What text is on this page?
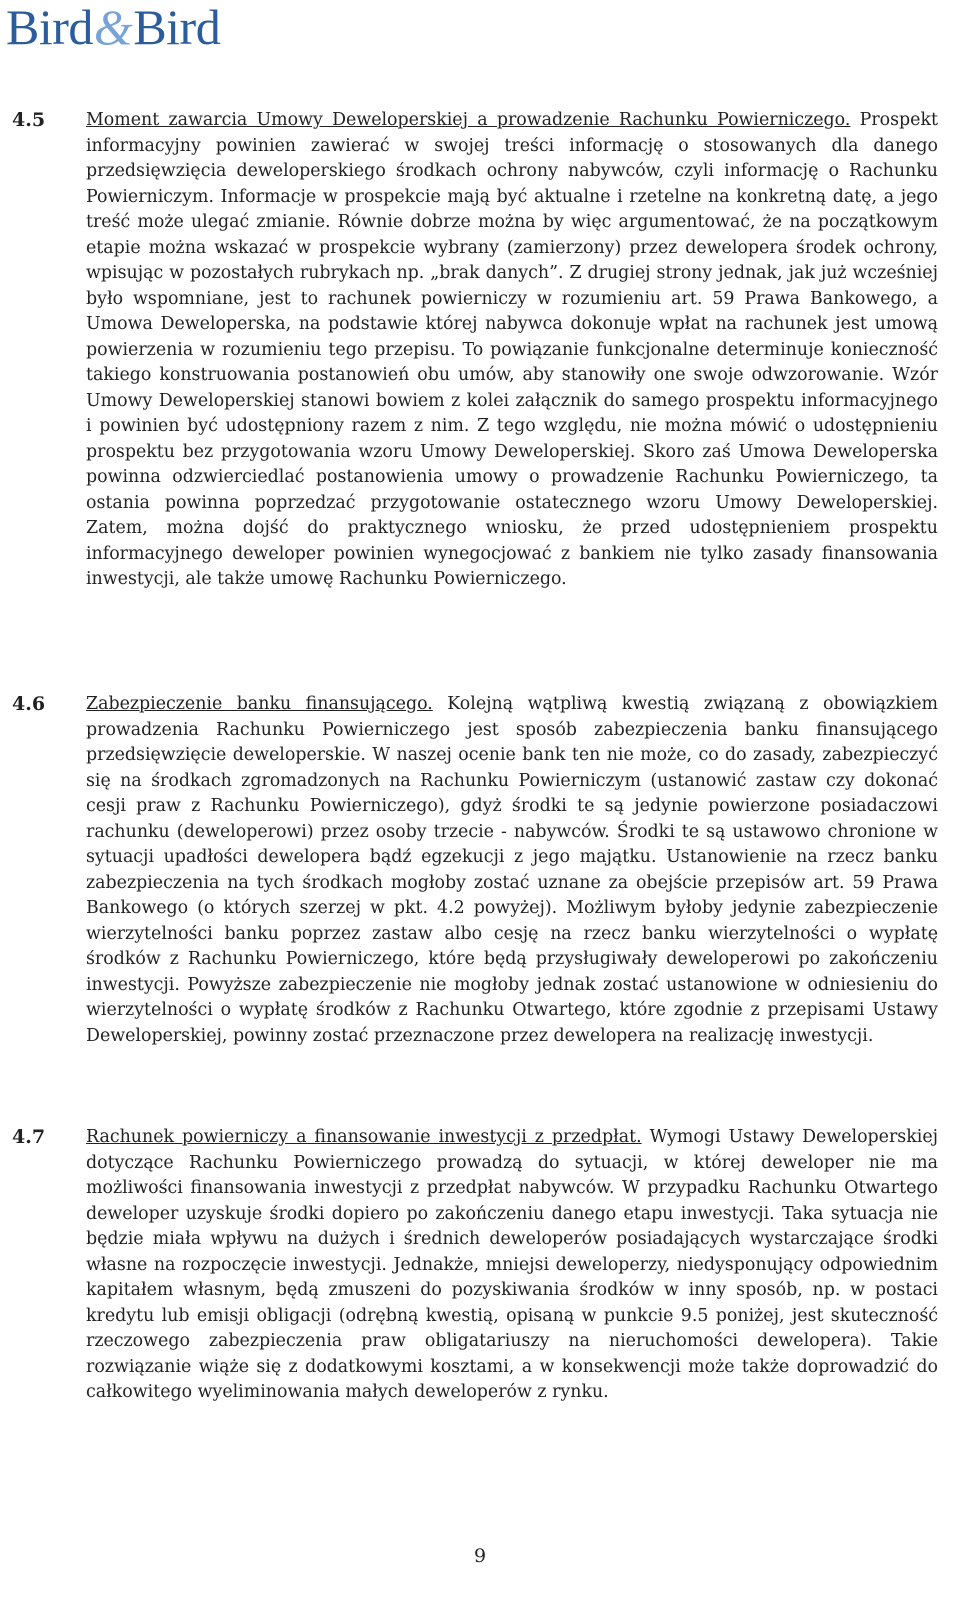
Bird&Bird
4.5 Moment zawarcia Umowy Deweloperskiej a prowadzenie Rachunku Powierniczego. Prospekt informacyjny powinien zawierać w swojej treści informację o stosowanych dla danego przedsięwzięcia deweloperskiego środkach ochrony nabywców, czyli informację o Rachunku Powierniczym. Informacje w prospekcie mają być aktualne i rzetelne na konkretną datę, a jego treść może ulegać zmianie. Równie dobrze można by więc argumentować, że na początkowym etapie można wskazać w prospekcie wybrany (zamierzony) przez dewelopera środek ochrony, wpisując w pozostałych rubrykach np. „brak danych”. Z drugiej strony jednak, jak już wcześniej było wspomniane, jest to rachunek powierniczy w rozumieniu art. 59 Prawa Bankowego, a Umowa Deweloperska, na podstawie której nabywca dokonuje wpłat na rachunek jest umową powierzenia w rozumieniu tego przepisu. To powiązanie funkcjonalne determinuje konieczność takiego konstruowania postanowień obu umów, aby stanowiły one swoje odwzorowanie. Wzór Umowy Deweloperskiej stanowi bowiem z kolei załącznik do samego prospektu informacyjnego i powinien być udostępniony razem z nim. Z tego względu, nie można mówić o udostępnieniu prospektu bez przygotowania wzoru Umowy Deweloperskiej. Skoro zaś Umowa Deweloperska powinna odzwierciedlać postanowienia umowy o prowadzenie Rachunku Powierniczego, ta ostania powinna poprzedzać przygotowanie ostatecznego wzoru Umowy Deweloperskiej. Zatem, można dojść do praktycznego wniosku, że przed udostępnieniem prospektu informacyjnego deweloper powinien wynegocjować z bankiem nie tylko zasady finansowania inwestycji, ale także umowę Rachunku Powierniczego.
4.6 Zabezpieczenie banku finansującego. Kolejną wątpliwą kwestią związaną z obowiązkiem prowadzenia Rachunku Powierniczego jest sposób zabezpieczenia banku finansującego przedsięwzięcie deweloperskie. W naszej ocenie bank ten nie może, co do zasady, zabezpieczyć się na środkach zgromadzonych na Rachunku Powierniczym (ustanowić zastaw czy dokonać cesji praw z Rachunku Powierniczego), gdyż środki te są jedynie powierzone posiadaczowi rachunku (deweloperowi) przez osoby trzecie - nabywców. Środki te są ustawowo chronione w sytuacji upadłości dewelopera bądź egzekucji z jego majątku. Ustanowienie na rzecz banku zabezpieczenia na tych środkach mogłoby zostać uznane za obejście przepisów art. 59 Prawa Bankowego (o których szerzej w pkt. 4.2 powyżej). Możliwym byłoby jedynie zabezpieczenie wierzytelności banku poprzez zastaw albo cesję na rzecz banku wierzytelności o wypłatę środków z Rachunku Powierniczego, które będą przysługiwały deweloperowi po zakończeniu inwestycji. Powyższe zabezpieczenie nie mogłoby jednak zostać ustanowione w odniesieniu do wierzytelności o wypłatę środków z Rachunku Otwartego, które zgodnie z przepisami Ustawy Deweloperskiej, powinny zostać przeznaczone przez dewelopera na realizację inwestycji.
4.7 Rachunek powierniczy a finansowanie inwestycji z przedpłat. Wymogi Ustawy Deweloperskiej dotyczące Rachunku Powierniczego prowadzą do sytuacji, w której deweloper nie ma możliwości finansowania inwestycji z przedpłat nabywców. W przypadku Rachunku Otwartego deweloper uzyskuje środki dopiero po zakończeniu danego etapu inwestycji. Taka sytuacja nie będzie miała wpływu na dużych i średnich deweloperów posiadających wystarczające środki własne na rozpoczęcie inwestycji. Jednakże, mniejsi deweloperzy, niedysponujący odpowiednim kapitałem własnym, będą zmuszeni do pozyskiwania środków w inny sposób, np. w postaci kredytu lub emisji obligacji (odrębną kwestią, opisaną w punkcie 9.5 poniżej, jest skuteczność rzeczowego zabezpieczenia praw obligatariuszy na nieruchomości dewelopera). Takie rozwiązanie wiąże się z dodatkowymi kosztami, a w konsekwencji może także doprowadzić do całkowitego wyeliminowania małych deweloperów z rynku.
9
